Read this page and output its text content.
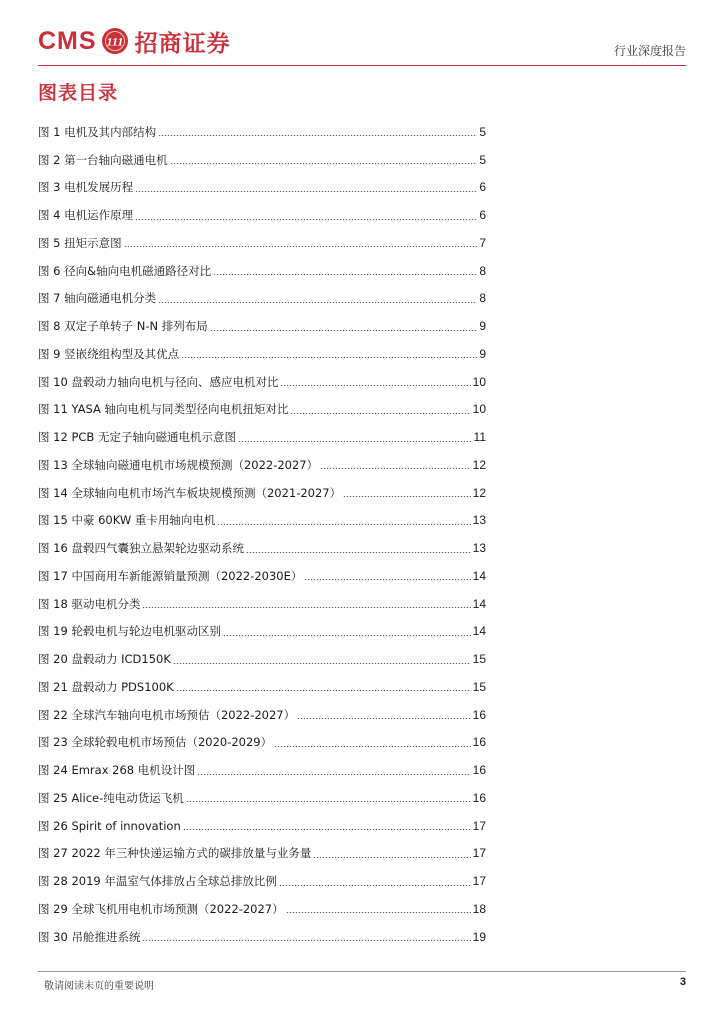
CMS 111 招商证券	行业深度报告
图表目录
图 1 电机及其内部结构	5
图 2 第一台轴向磁通电机	5
图 3 电机发展历程	6
图 4 电机运作原理	6
图 5 扭矩示意图	7
图 6 径向&轴向电机磁通路径对比	8
图 7 轴向磁通电机分类	8
图 8 双定子单转子 N-N 排列布局	9
图 9 竖嵌绕组构型及其优点	9
图 10 盘毂动力轴向电机与径向、感应电机对比	10
图 11 YASA 轴向电机与同类型径向电机扭矩对比	10
图 12 PCB 无定子轴向磁通电机示意图	11
图 13 全球轴向磁通电机市场规模预测（2022-2027）	12
图 14 全球轴向电机市场汽车板块规模预测（2021-2027）	12
图 15 中豪 60KW 重卡用轴向电机	13
图 16 盘毂四气囊独立悬架轮边驱动系统	13
图 17 中国商用车新能源销量预测（2022-2030E）	14
图 18 驱动电机分类	14
图 19 轮毂电机与轮边电机驱动区别	14
图 20 盘毂动力 ICD150K	15
图 21 盘毂动力 PDS100K	15
图 22 全球汽车轴向电机市场预估（2022-2027）	16
图 23 全球轮毂电机市场预估（2020-2029）	16
图 24 Emrax 268 电机设计图	16
图 25 Alice-纯电动货运飞机	16
图 26 Spirit of innovation	17
图 27 2022 年三种快递运输方式的碳排放量与业务量	17
图 28 2019 年温室气体排放占全球总排放比例	17
图 29 全球飞机用电机市场预测（2022-2027）	18
图 30 吊舱推进系统	19
敬请阅读末页的重要说明	3
